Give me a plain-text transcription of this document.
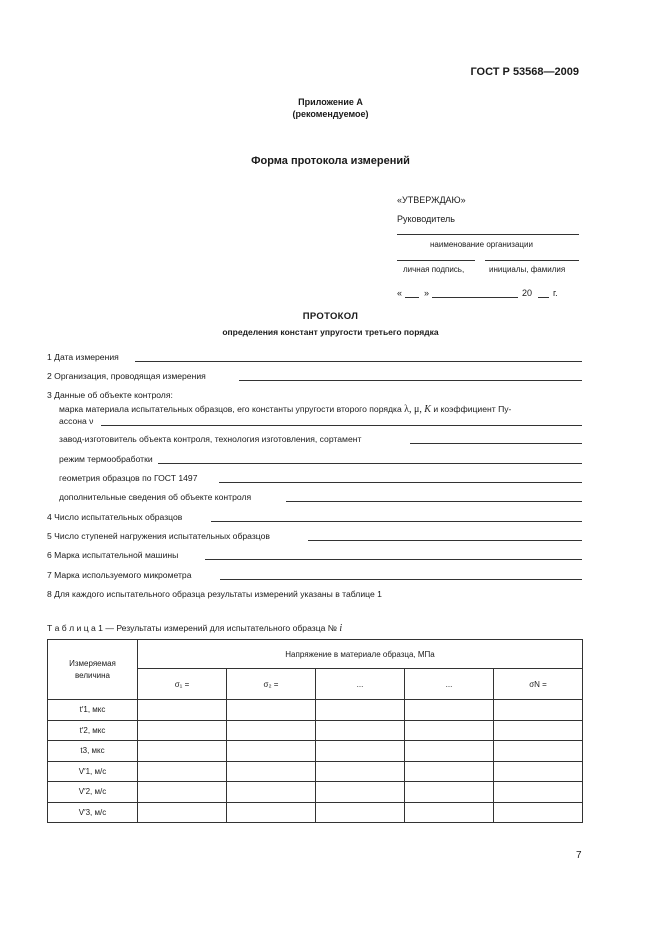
ГОСТ Р 53568—2009
Приложение А
(рекомендуемое)
Форма протокола измерений
«УТВЕРЖДАЮ»
Руководитель
наименование организации
личная подпись,	инициалы, фамилия
« »	20 г.
ПРОТОКОЛ
определения констант упругости третьего порядка
1 Дата измерения
2 Организация, проводящая измерения
3 Данные об объекте контроля:
марка материала испытательных образцов, его константы упругости второго порядка λ, μ, K и коэффициент Пу-
ассона ν
завод-изготовитель объекта контроля, технология изготовления, сортамент
режим термообработки
геометрия образцов по ГОСТ 1497
дополнительные сведения об объекте контроля
4 Число испытательных образцов
5 Число ступеней нагружения испытательных образцов
6 Марка испытательной машины
7 Марка используемого микрометра
8 Для каждого испытательного образца результаты измерений указаны в таблице 1
Т а б л и ц а 1 — Результаты измерений для испытательного образца № i
Измеряемая величина	Напряжение в материале образца, МПа				
	σ₁ =	σ₂ =	...	...	σN =
t′1, мкс					
t′2, мкс					
t3, мкс					
V′1, м/с					
V′2, м/с					
V′3, м/с					
7
